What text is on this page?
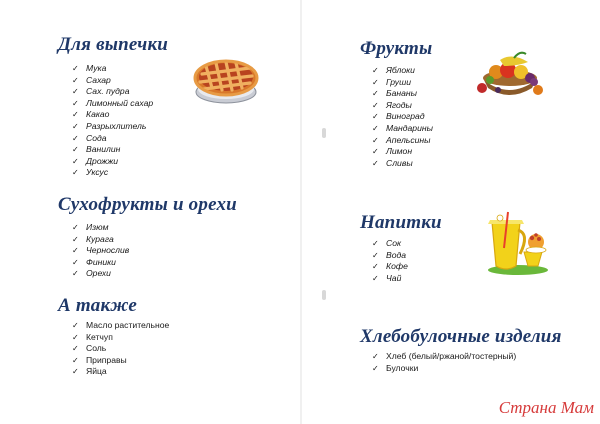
Для выпечки
✓ Мука
✓ Сахар
✓ Сах. пудра
✓ Лимонный сахар
✓ Какао
✓ Разрыхлитель
✓ Сода
✓ Ванилин
✓ Дрожжи
✓ Уксус
Сухофрукты и орехи
✓ Изюм
✓ Курага
✓ Чернослив
✓ Финики
✓ Орехи
А также
✓ Масло растительное
✓ Кетчуп
✓ Соль
✓ Приправы
✓ Яйца
Фрукты
✓ Яблоки
✓ Груши
✓ Бананы
✓ Ягоды
✓ Виноград
✓ Мандарины
✓ Апельсины
✓ Лимон
✓ Сливы
Напитки
✓ Сок
✓ Вода
✓ Кофе
✓ Чай
Хлебобулочные изделия
✓ Хлеб (белый/ржаной/тостерный)
✓ Булочки
Страна Мам
